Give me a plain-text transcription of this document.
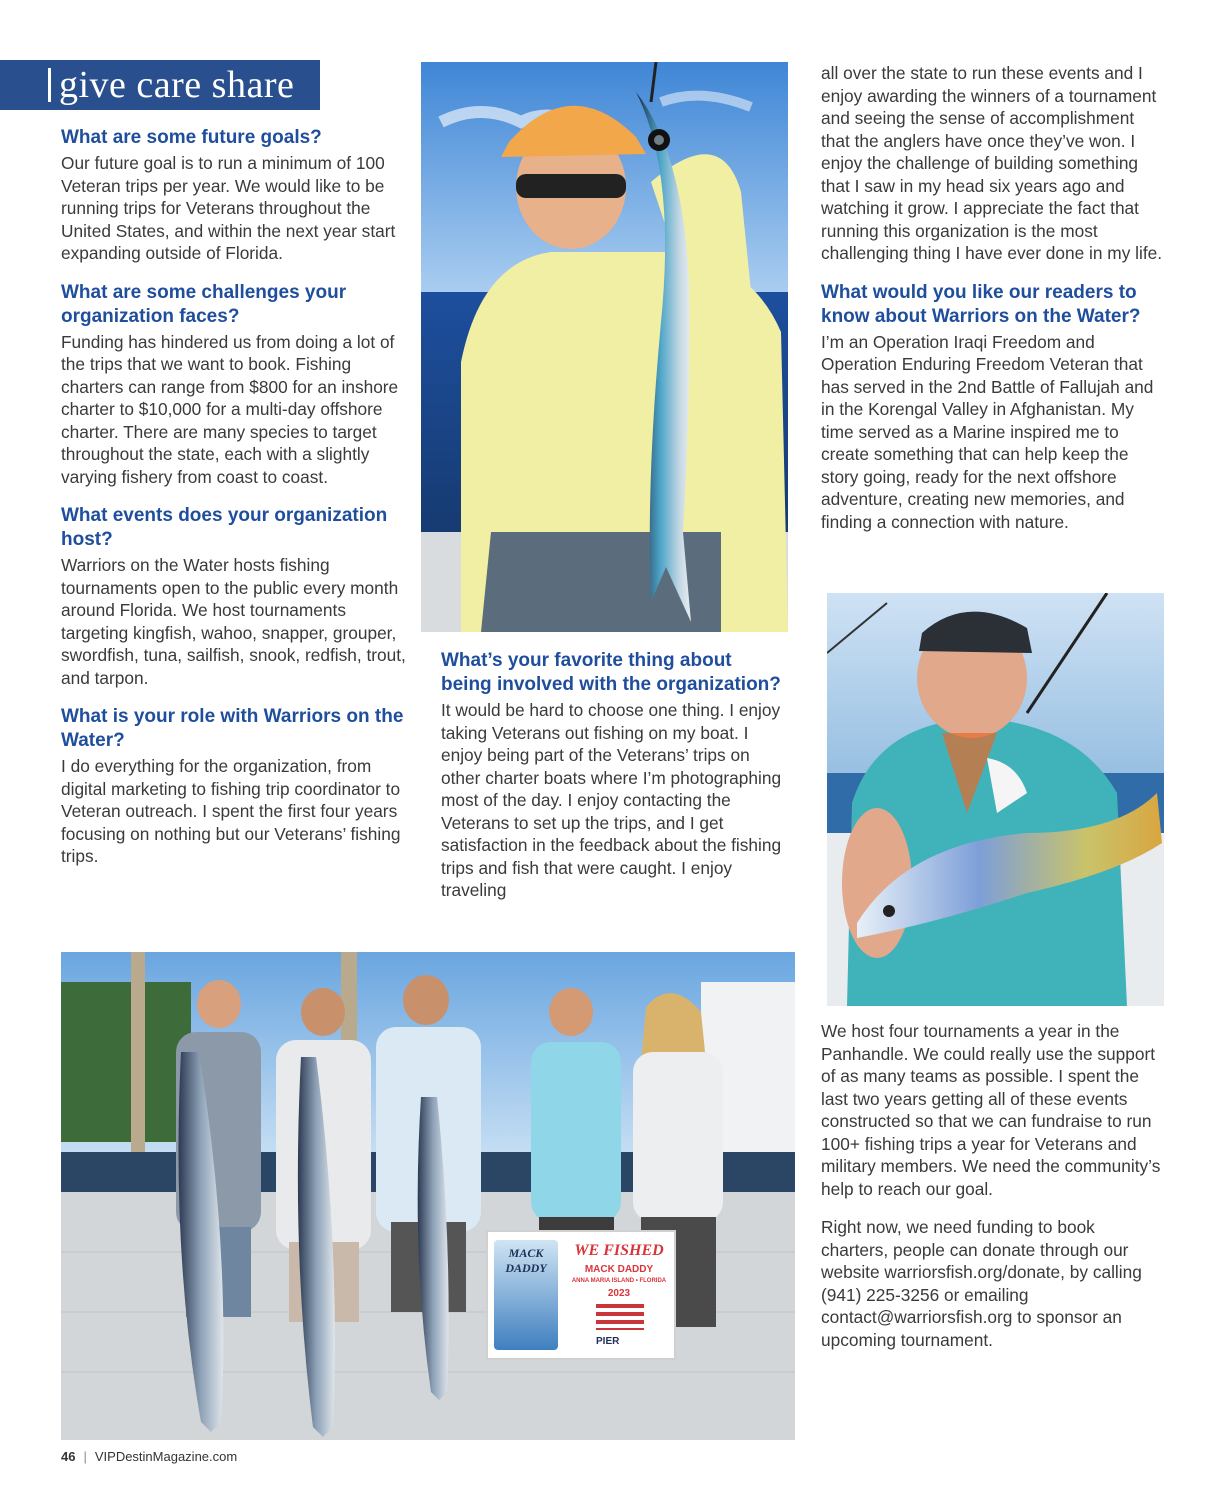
give care share
What are some future goals?
Our future goal is to run a minimum of 100 Veteran trips per year. We would like to be running trips for Veterans throughout the United States, and within the next year start expanding outside of Florida.
What are some challenges your organization faces?
Funding has hindered us from doing a lot of the trips that we want to book. Fishing charters can range from $800 for an inshore charter to $10,000 for a multi-day offshore charter. There are many species to target throughout the state, each with a slightly varying fishery from coast to coast.
What events does your organization host?
Warriors on the Water hosts fishing tournaments open to the public every month around Florida. We host tournaments targeting kingfish, wahoo, snapper, grouper, swordfish, tuna, sailfish, snook, redfish, trout, and tarpon.
What is your role with Warriors on the Water?
I do everything for the organization, from digital marketing to fishing trip coordinator to Veteran outreach. I spent the first four years focusing on nothing but our Veterans’ fishing trips.
What’s your favorite thing about being involved with the organization?
It would be hard to choose one thing. I enjoy taking Veterans out fishing on my boat. I enjoy being part of the Veterans’ trips on other charter boats where I’m photographing most of the day. I enjoy contacting the Veterans to set up the trips, and I get satisfaction in the feedback about the fishing trips and fish that were caught. I enjoy traveling
all over the state to run these events and I enjoy awarding the winners of a tournament and seeing the sense of accomplishment that the anglers have once they’ve won. I enjoy the challenge of building something that I saw in my head six years ago and watching it grow. I appreciate the fact that running this organization is the most challenging thing I have ever done in my life.
What would you like our readers to know about Warriors on the Water?
I’m an Operation Iraqi Freedom and Operation Enduring Freedom Veteran that has served in the 2nd Battle of Fallujah and in the Korengal Valley in Afghanistan. My time served as a Marine inspired me to create something that can help keep the story going, ready for the next offshore adventure, creating new memories, and finding a connection with nature.
We host four tournaments a year in the Panhandle. We could really use the support of as many teams as possible. I spent the last two years getting all of these events constructed so that we can fundraise to run 100+ fishing trips a year for Veterans and military members. We need the community’s help to reach our goal.
Right now, we need funding to book charters, people can donate through our website warriorsfish.org/donate, by calling (941) 225-3256 or emailing contact@warriorsfish.org to sponsor an upcoming tournament.
MACK
DADDY
WE FISHED
MACK DADDY
ANNA MARIA ISLAND • FLORIDA
2023
PIER
46 | VIPDestinMagazine.com
